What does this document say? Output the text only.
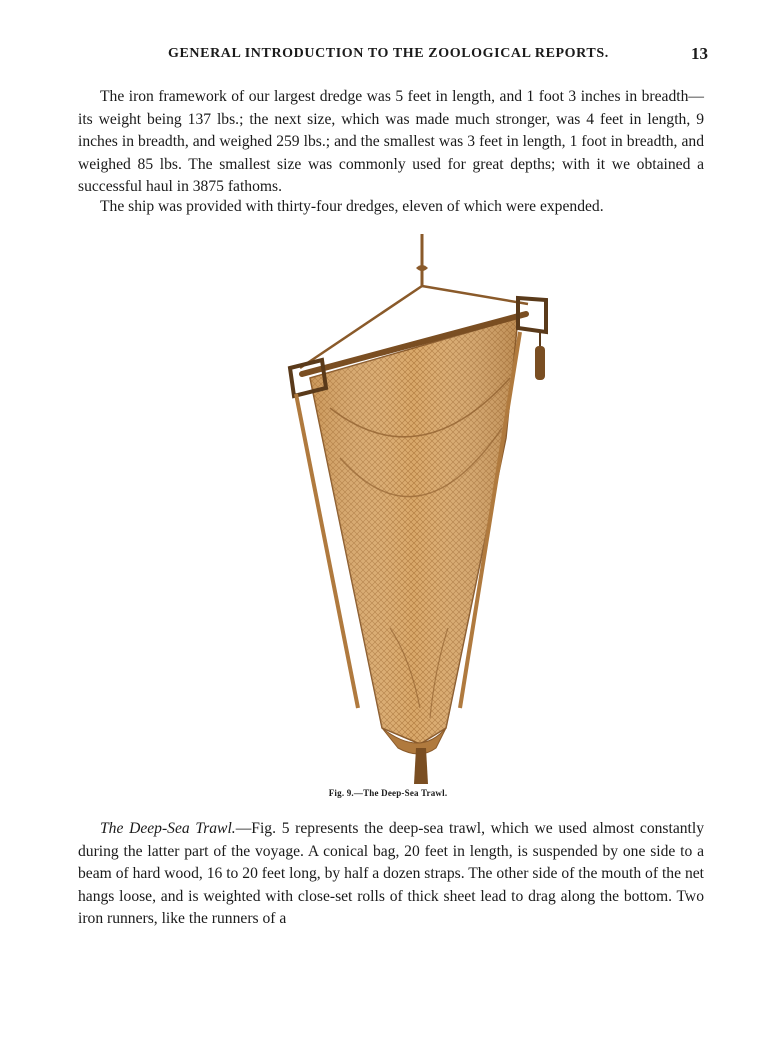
GENERAL INTRODUCTION TO THE ZOOLOGICAL REPORTS.	13

The iron framework of our largest dredge was 5 feet in length, and 1 foot 3 inches in breadth—its weight being 137 lbs.; the next size, which was made much stronger, was 4 feet in length, 9 inches in breadth, and weighed 259 lbs.; and the smallest was 3 feet in length, 1 foot in breadth, and weighed 85 lbs. The smallest size was commonly used for great depths; with it we obtained a successful haul in 3875 fathoms.

The ship was provided with thirty-four dredges, eleven of which were expended.

Fig. 9.—The Deep-Sea Trawl.

The Deep-Sea Trawl.—Fig. 5 represents the deep-sea trawl, which we used almost constantly during the latter part of the voyage. A conical bag, 20 feet in length, is suspended by one side to a beam of hard wood, 16 to 20 feet long, by half a dozen straps. The other side of the mouth of the net hangs loose, and is weighted with close-set rolls of thick sheet lead to drag along the bottom. Two iron runners, like the runners of a
